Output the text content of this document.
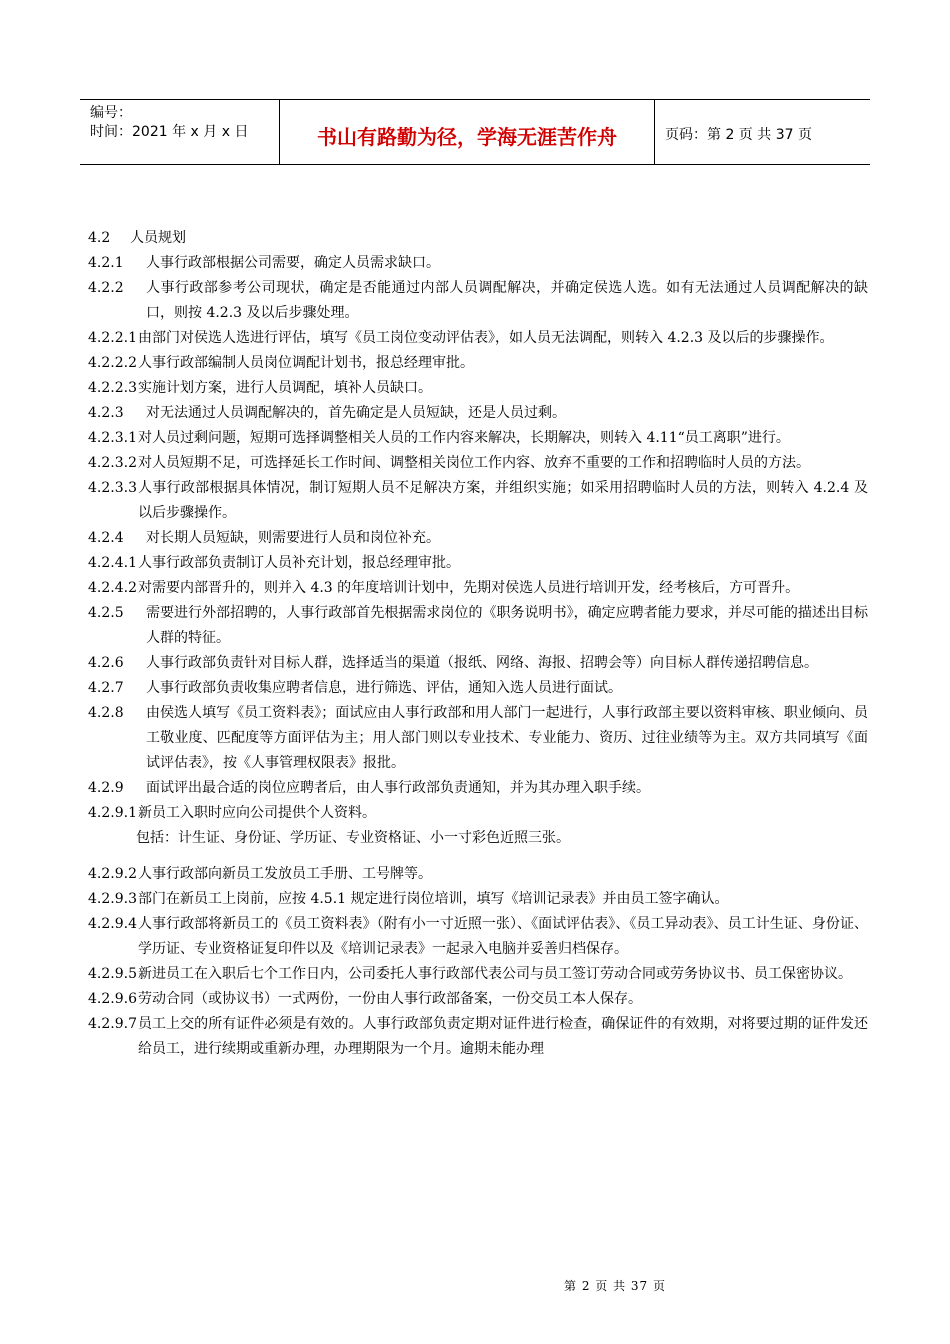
编号：
时间：2021 年 x 月 x 日	书山有路勤为径，学海无涯苦作舟	页码：第 2 页 共 37 页
4.2	人员规划
4.2.1	人事行政部根据公司需要，确定人员需求缺口。
4.2.2	人事行政部参考公司现状，确定是否能通过内部人员调配解决，并确定侯选人选。如有无法通过人员调配解决的缺口，则按 4.2.3 及以后步骤处理。
4.2.2.1 由部门对侯选人选进行评估，填写《员工岗位变动评估表》，如人员无法调配，则转入 4.2.3 及以后的步骤操作。
4.2.2.2 人事行政部编制人员岗位调配计划书，报总经理审批。
4.2.2.3 实施计划方案，进行人员调配，填补人员缺口。
4.2.3	对无法通过人员调配解决的，首先确定是人员短缺，还是人员过剩。
4.2.3.1 对人员过剩问题，短期可选择调整相关人员的工作内容来解决，长期解决，则转入 4.11“员工离职”进行。
4.2.3.2 对人员短期不足，可选择延长工作时间、调整相关岗位工作内容、放弃不重要的工作和招聘临时人员的方法。
4.2.3.3 人事行政部根据具体情况，制订短期人员不足解决方案，并组织实施；如采用招聘临时人员的方法，则转入 4.2.4 及以后步骤操作。
4.2.4	对长期人员短缺，则需要进行人员和岗位补充。
4.2.4.1 人事行政部负责制订人员补充计划，报总经理审批。
4.2.4.2 对需要内部晋升的，则并入 4.3 的年度培训计划中，先期对侯选人员进行培训开发，经考核后，方可晋升。
4.2.5	需要进行外部招聘的，人事行政部首先根据需求岗位的《职务说明书》，确定应聘者能力要求，并尽可能的描述出目标人群的特征。
4.2.6	人事行政部负责针对目标人群，选择适当的渠道（报纸、网络、海报、招聘会等）向目标人群传递招聘信息。
4.2.7	人事行政部负责收集应聘者信息，进行筛选、评估，通知入选人员进行面试。
4.2.8	由侯选人填写《员工资料表》；面试应由人事行政部和用人部门一起进行，人事行政部主要以资料审核、职业倾向、员工敬业度、匹配度等方面评估为主；用人部门则以专业技术、专业能力、资历、过往业绩等为主。双方共同填写《面试评估表》，按《人事管理权限表》报批。
4.2.9	面试评出最合适的岗位应聘者后，由人事行政部负责通知，并为其办理入职手续。
4.2.9.1 新员工入职时应向公司提供个人资料。
包括：计生证、身份证、学历证、专业资格证、小一寸彩色近照三张。
4.2.9.2 人事行政部向新员工发放员工手册、工号牌等。
4.2.9.3 部门在新员工上岗前，应按 4.5.1 规定进行岗位培训，填写《培训记录表》并由员工签字确认。
4.2.9.4 人事行政部将新员工的《员工资料表》（附有小一寸近照一张）、《面试评估表》、《员工异动表》、员工计生证、身份证、学历证、专业资格证复印件以及《培训记录表》一起录入电脑并妥善归档保存。
4.2.9.5 新进员工在入职后七个工作日内，公司委托人事行政部代表公司与员工签订劳动合同或劳务协议书、员工保密协议。
4.2.9.6 劳动合同（或协议书）一式两份，一份由人事行政部备案，一份交员工本人保存。
4.2.9.7 员工上交的所有证件必须是有效的。人事行政部负责定期对证件进行检查，确保证件的有效期，对将要过期的证件发还给员工，进行续期或重新办理，办理期限为一个月。逾期未能办理
第 2 页 共 37 页
